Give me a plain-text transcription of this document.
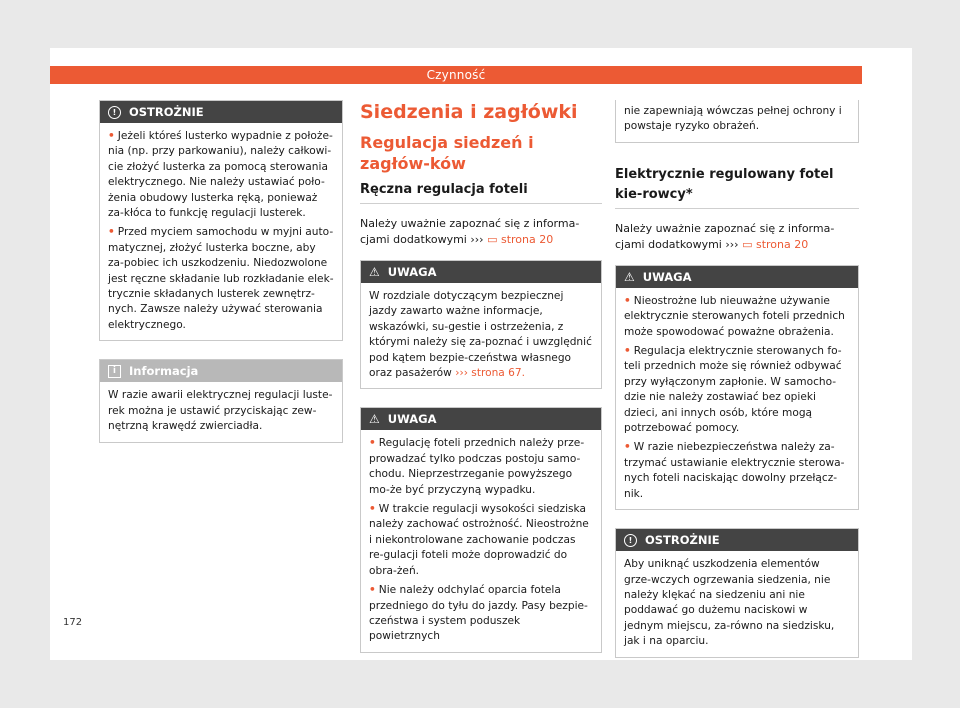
Czynność
!	OSTROŻNIE

• Jeżeli któreś lusterko wypadnie z położe-nia (np. przy parkowaniu), należy całkowi-cie złożyć lusterka za pomocą sterowania elektrycznego. Nie należy ustawiać poło-żenia obudowy lusterka ręką, ponieważ za-kłóca to funkcję regulacji lusterek.

• Przed myciem samochodu w myjni auto-matycznej, złożyć lusterka boczne, aby za-pobiec ich uszkodzeniu. Niedozwolone jest ręczne składanie lub rozkładanie elek-trycznie składanych lusterek zewnętrz-nych. Zawsze należy używać sterowania elektrycznego.

i	Informacja

W razie awarii elektrycznej regulacji luste-rek można je ustawić przyciskając zew-nętrzną krawędź zwierciadła.

Siedzenia i zagłówki
Regulacja siedzeń i zagłów-ków
Ręczna regulacja foteli

Należy uważnie zapoznać się z informa-cjami dodatkowymi ››› ▭ strona 20

⚠ UWAGA

W rozdziale dotyczącym bezpiecznej jazdy zawarto ważne informacje, wskazówki, su-gestie i ostrzeżenia, z którymi należy się za-poznać i uwzględnić pod kątem bezpie-czeństwa własnego oraz pasażerów ››› strona 67.

⚠ UWAGA

• Regulację foteli przednich należy prze-prowadzać tylko podczas postoju samo-chodu. Nieprzestrzeganie powyższego mo-że być przyczyną wypadku.

• W trakcie regulacji wysokości siedziska należy zachować ostrożność. Nieostrożne i niekontrolowane zachowanie podczas re-gulacji foteli może doprowadzić do obra-żeń.

• Nie należy odchylać oparcia fotela przedniego do tyłu do jazdy. Pasy bezpie-czeństwa i system poduszek powietrznych

nie zapewniają wówczas pełnej ochrony i powstaje ryzyko obrażeń.

Elektrycznie regulowany fotel kie-rowcy*

Należy uważnie zapoznać się z informa-cjami dodatkowymi ››› ▭ strona 20

⚠ UWAGA

• Nieostrożne lub nieuważne używanie elektrycznie sterowanych foteli przednich może spowodować poważne obrażenia.

• Regulacja elektrycznie sterowanych fo-teli przednich może się również odbywać przy wyłączonym zapłonie. W samocho-dzie nie należy zostawiać bez opieki dzieci, ani innych osób, które mogą potrzebować pomocy.

• W razie niebezpieczeństwa należy za-trzymać ustawianie elektrycznie sterowa-nych foteli naciskając dowolny przełącz-nik.

!	OSTROŻNIE

Aby uniknąć uszkodzenia elementów grze-wczych ogrzewania siedzenia, nie należy klękać na siedzeniu ani nie poddawać go dużemu naciskowi w jednym miejscu, za-równo na siedzisku, jak i na oparciu.

172
